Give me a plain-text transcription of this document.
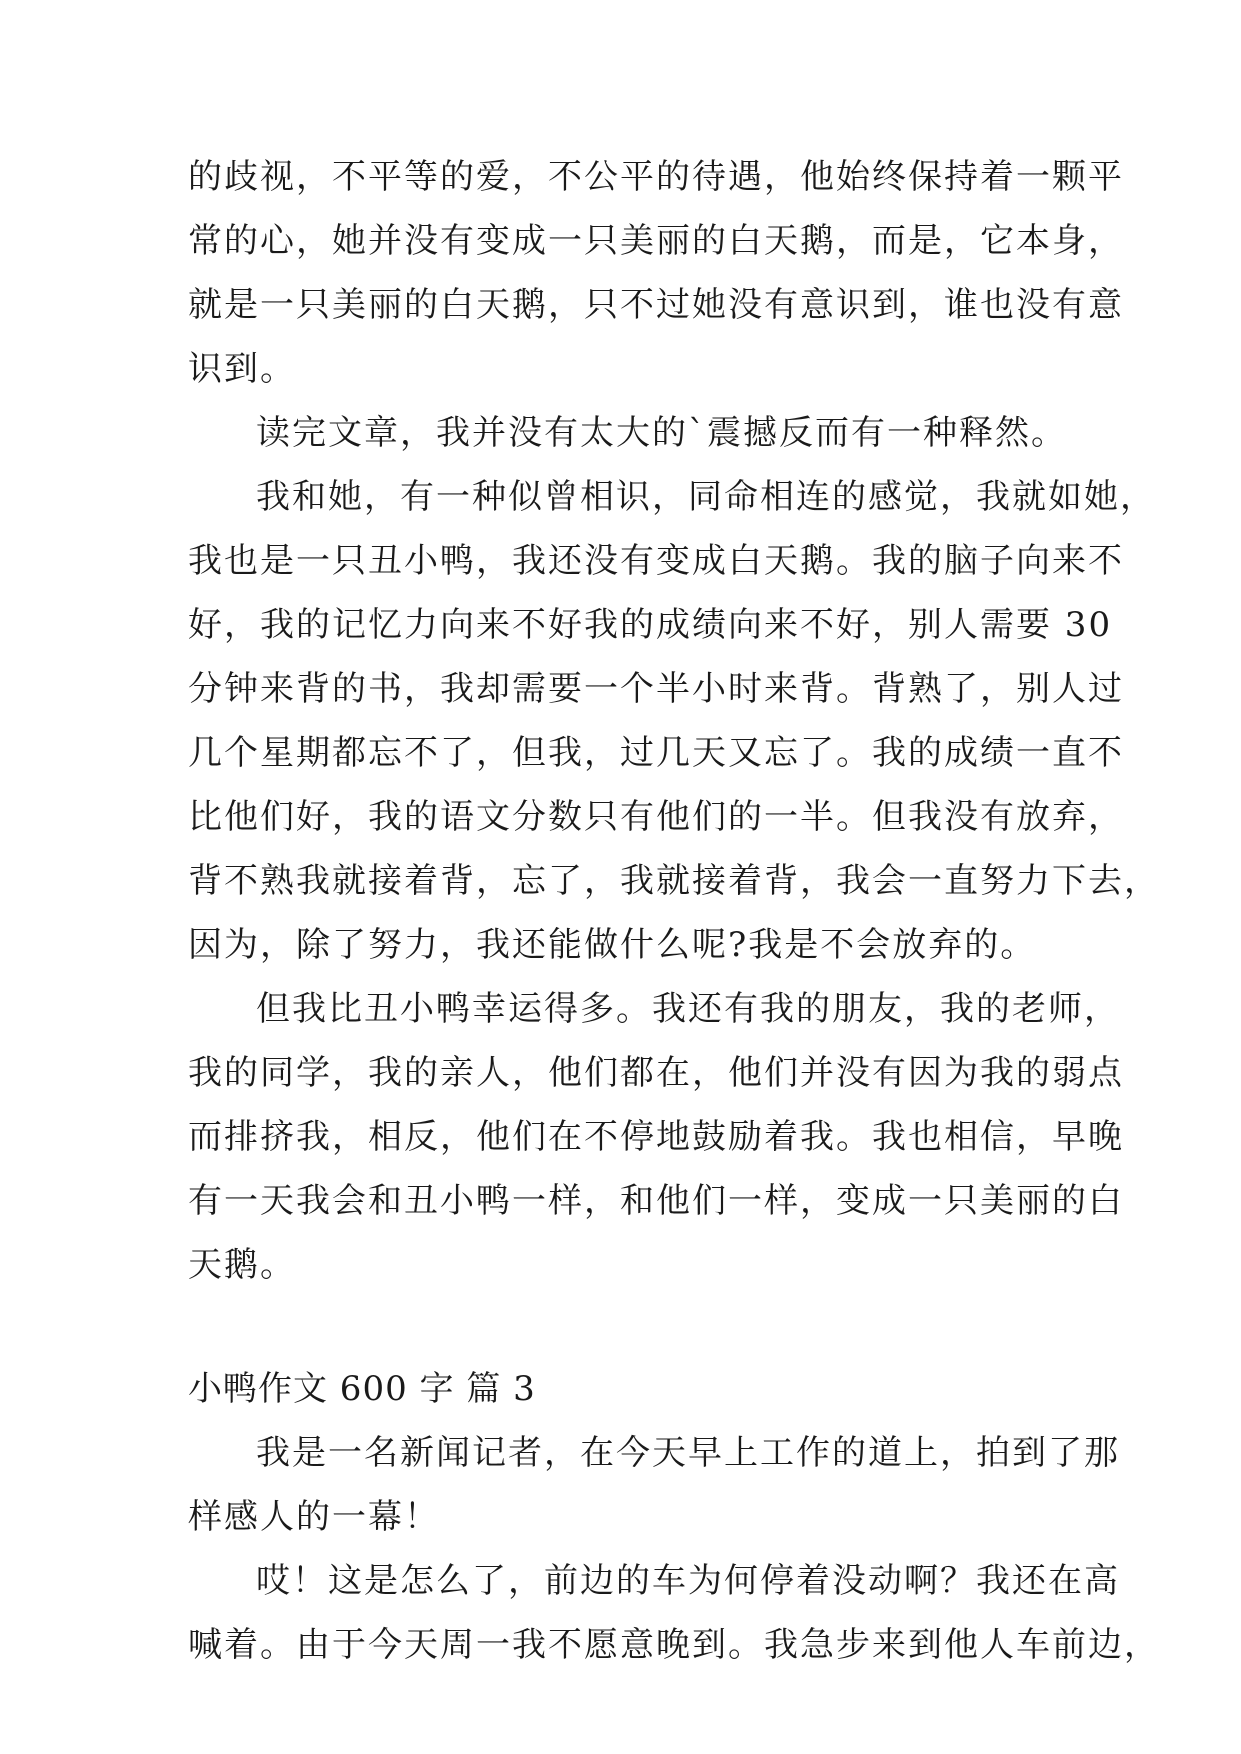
的歧视，不平等的爱，不公平的待遇，他始终保持着一颗平
常的心，她并没有变成一只美丽的白天鹅，而是，它本身，
就是一只美丽的白天鹅，只不过她没有意识到，谁也没有意
识到。
读完文章，我并没有太大的`震撼反而有一种释然。
我和她，有一种似曾相识，同命相连的感觉，我就如她，
我也是一只丑小鸭，我还没有变成白天鹅。我的脑子向来不
好，我的记忆力向来不好我的成绩向来不好，别人需要 30
分钟来背的书，我却需要一个半小时来背。背熟了，别人过
几个星期都忘不了，但我，过几天又忘了。我的成绩一直不
比他们好，我的语文分数只有他们的一半。但我没有放弃，
背不熟我就接着背，忘了，我就接着背，我会一直努力下去，
因为，除了努力，我还能做什么呢?我是不会放弃的。
但我比丑小鸭幸运得多。我还有我的朋友，我的老师，
我的同学，我的亲人，他们都在，他们并没有因为我的弱点
而排挤我，相反，他们在不停地鼓励着我。我也相信，早晚
有一天我会和丑小鸭一样，和他们一样，变成一只美丽的白
天鹅。
小鸭作文 600 字 篇 3
我是一名新闻记者，在今天早上工作的道上，拍到了那
样感人的一幕！
哎！这是怎么了，前边的车为何停着没动啊？我还在高
喊着。由于今天周一我不愿意晚到。我急步来到他人车前边，
